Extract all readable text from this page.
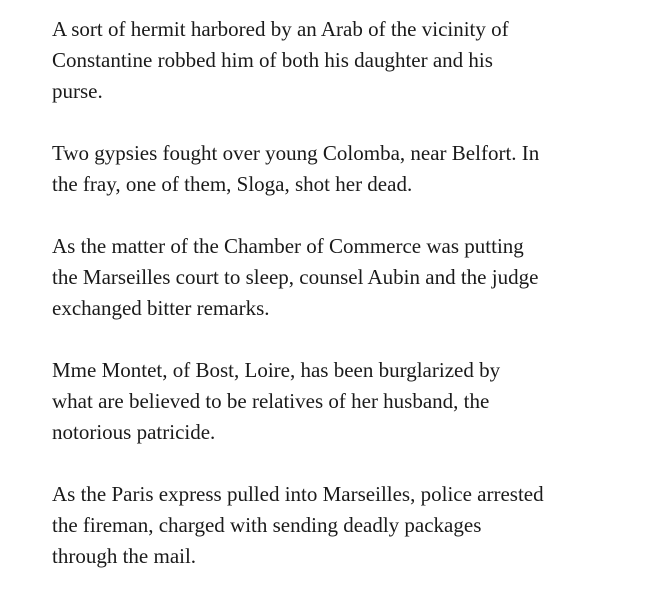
A sort of hermit harbored by an Arab of the vicinity of
Constantine robbed him of both his daughter and his
purse.

Two gypsies fought over young Colomba, near Belfort. In
the fray, one of them, Sloga, shot her dead.

As the matter of the Chamber of Commerce was putting
the Marseilles court to sleep, counsel Aubin and the judge
exchanged bitter remarks.

Mme Montet, of Bost, Loire, has been burglarized by
what are believed to be relatives of her husband, the
notorious patricide.

As the Paris express pulled into Marseilles, police arrested
the fireman, charged with sending deadly packages
through the mail.
